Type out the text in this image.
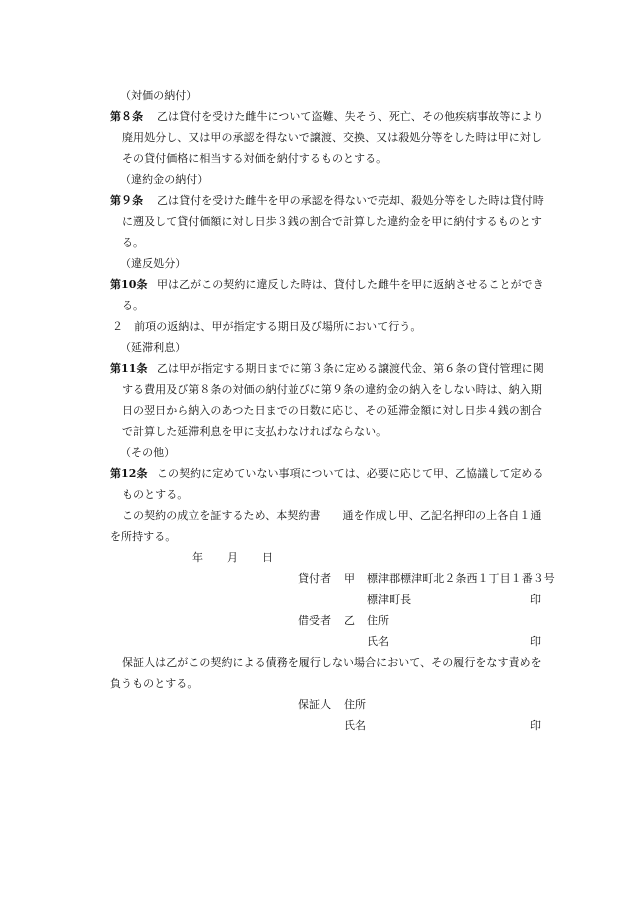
（対価の納付）
第８条 乙は貸付を受けた雌牛について盗難、失そう、死亡、その他疾病事故等により
廃用処分し、又は甲の承認を得ないで譲渡、交換、又は殺処分等をした時は甲に対し
その貸付価格に相当する対価を納付するものとする。
（違約金の納付）
第９条 乙は貸付を受けた雌牛を甲の承認を得ないで売却、殺処分等をした時は貸付時
に遡及して貸付価額に対し日歩３銭の割合で計算した違約金を甲に納付するものとす
る。
（違反処分）
第10条 甲は乙がこの契約に違反した時は、貸付した雌牛を甲に返納させることができ
る。
２　前項の返納は、甲が指定する期日及び場所において行う。
（延滞利息）
第11条 乙は甲が指定する期日までに第３条に定める譲渡代金、第６条の貸付管理に関
する費用及び第８条の対価の納付並びに第９条の違約金の納入をしない時は、納入期
日の翌日から納入のあつた日までの日数に応じ、その延滞金額に対し日歩４銭の割合
で計算した延滞利息を甲に支払わなければならない。
（その他）
第12条 この契約に定めていない事項については、必要に応じて甲、乙協議して定める
ものとする。
この契約の成立を証するため、本契約書　　通を作成し甲、乙記名押印の上各自１通
を所持する。
年 月 日
貸付者 甲 標津郡標津町北２条西１丁目１番３号
標津町長	印
借受者 乙 住所
氏名	印
保証人は乙がこの契約による債務を履行しない場合において、その履行をなす責めを
負うものとする。
保証人 住所
氏名	印
